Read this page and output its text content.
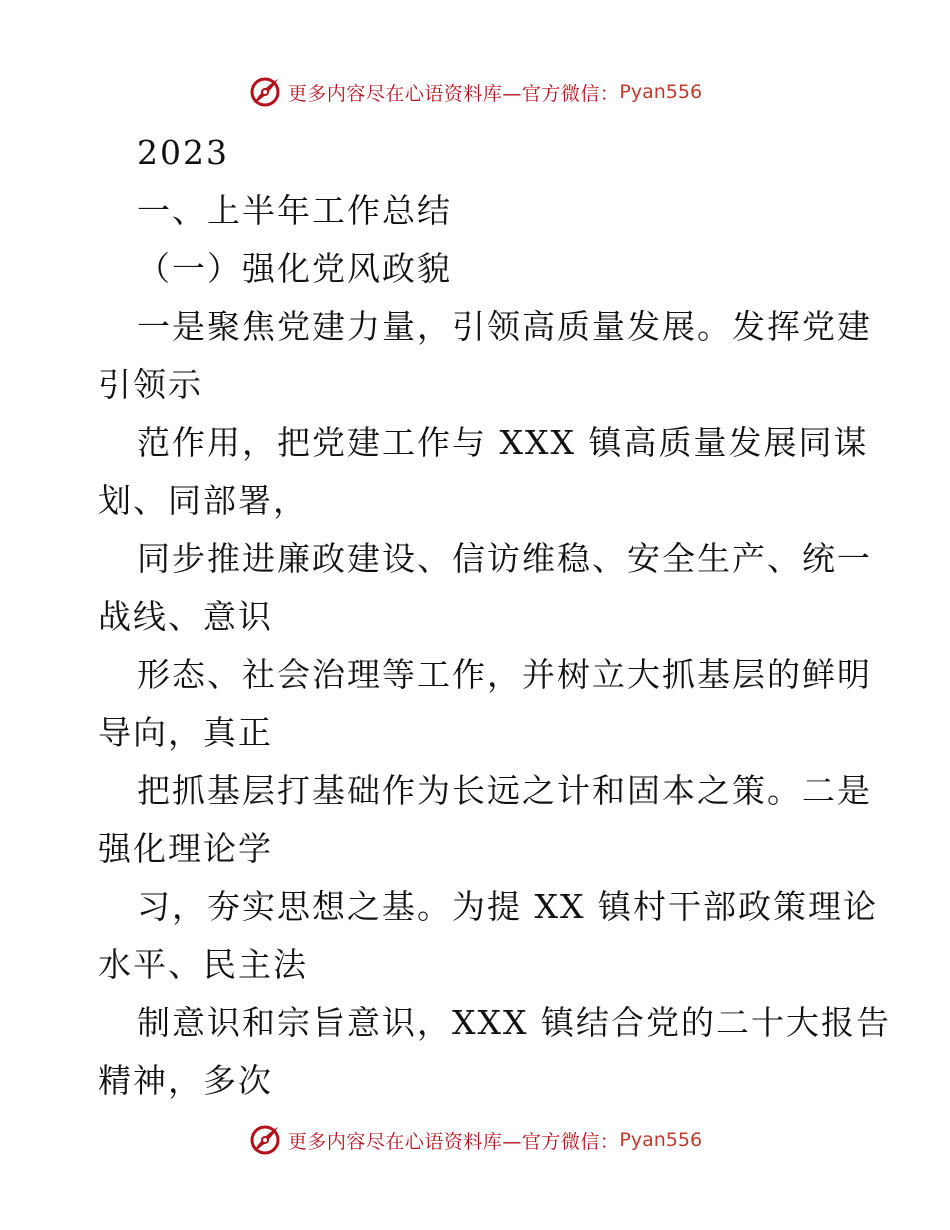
更多内容尽在心语资料库—官方微信： Pyan556
2023
一、上半年工作总结
（一）强化党风政貌
一是聚焦党建力量，引领高质量发展。发挥党建
引领示
范作用，把党建工作与 XXX 镇高质量发展同谋
划、同部署，
同步推进廉政建设、信访维稳、安全生产、统一
战线、意识
形态、社会治理等工作，并树立大抓基层的鲜明
导向，真正
把抓基层打基础作为长远之计和固本之策。二是
强化理论学
习，夯实思想之基。为提 XX 镇村干部政策理论
水平、民主法
制意识和宗旨意识，XXX 镇结合党的二十大报告
精神，多次
更多内容尽在心语资料库—官方微信： Pyan556
